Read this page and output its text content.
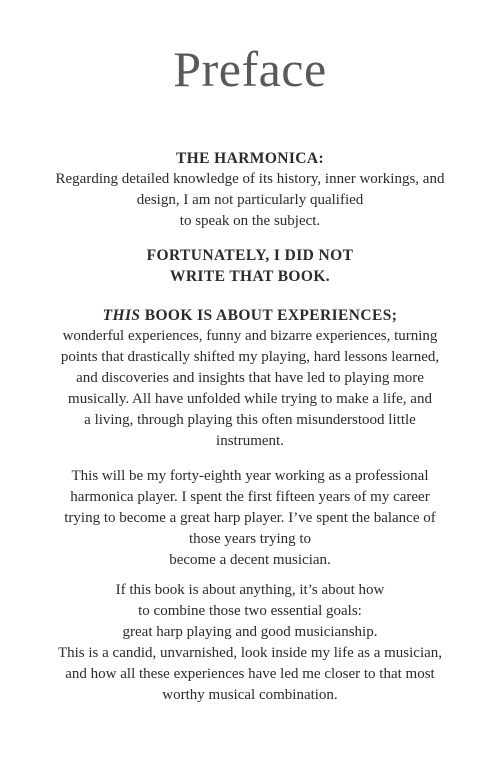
Preface
THE HARMONICA:
Regarding detailed knowledge of its history, inner workings, and
design, I am not particularly qualified
to speak on the subject.
FORTUNATELY, I DID NOT
WRITE THAT BOOK.
THIS BOOK IS ABOUT EXPERIENCES;
wonderful experiences, funny and bizarre experiences, turning
points that drastically shifted my playing, hard lessons learned,
and discoveries and insights that have led to playing more
musically. All have unfolded while trying to make a life, and
a living, through playing this often misunderstood little
instrument.
This will be my forty-eighth year working as a professional
harmonica player. I spent the first fifteen years of my career
trying to become a great harp player. I’ve spent the balance of
those years trying to
become a decent musician.
If this book is about anything, it’s about how
to combine those two essential goals:
great harp playing and good musicianship.
This is a candid, unvarnished, look inside my life as a musician,
and how all these experiences have led me closer to that most
worthy musical combination.
